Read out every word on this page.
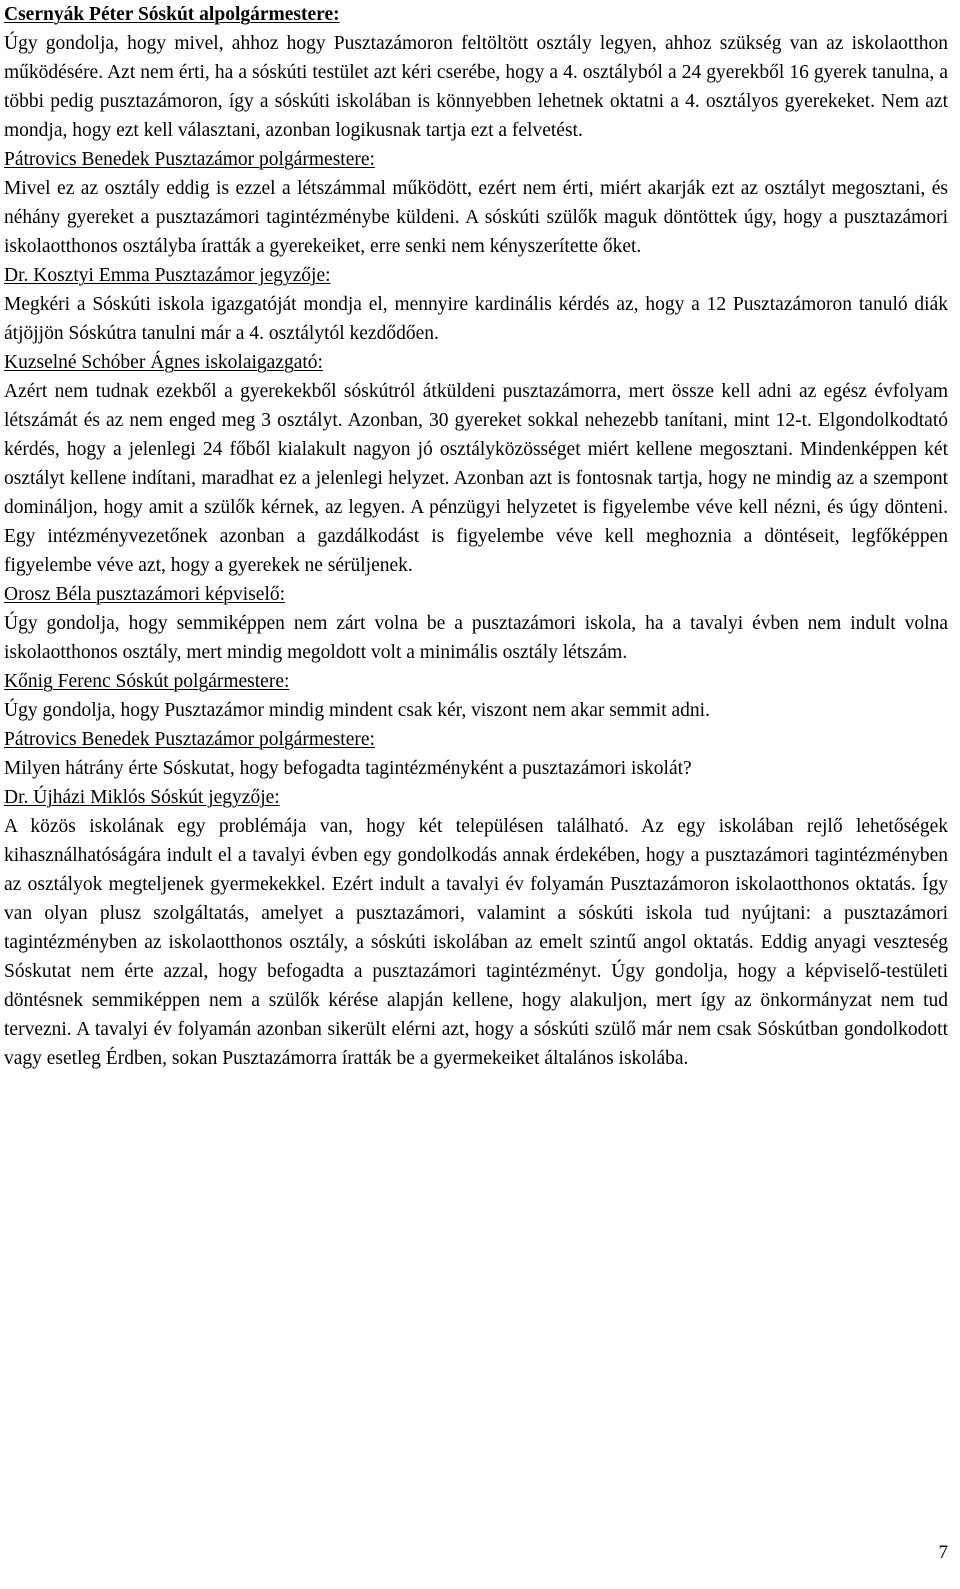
Csernyák Péter Sóskút alpolgármestere:
Úgy gondolja, hogy mivel, ahhoz hogy Pusztazámoron feltöltött osztály legyen, ahhoz szükség van az iskolaotthon működésére. Azt nem érti, ha a sóskúti testület azt kéri cserébe, hogy a 4. osztályból a 24 gyerekből 16 gyerek tanulna, a többi pedig pusztazámoron, így a sóskúti iskolában is könnyebben lehetnek oktatni a 4. osztályos gyerekeket. Nem azt mondja, hogy ezt kell választani, azonban logikusnak tartja ezt a felvetést.
Pátrovics Benedek Pusztazámor polgármestere:
Mivel ez az osztály eddig is ezzel a létszámmal működött, ezért nem érti, miért akarják ezt az osztályt megosztani, és néhány gyereket a pusztazámori tagintézménybe küldeni. A sóskúti szülők maguk döntöttek úgy, hogy a pusztazámori iskolaotthonos osztályba íratták a gyerekeiket, erre senki nem kényszerítette őket.
Dr. Kosztyi Emma Pusztazámor jegyzője:
Megkéri a Sóskúti iskola igazgatóját mondja el, mennyire kardinális kérdés az, hogy a 12 Pusztazámoron tanuló diák átjöjjön Sóskútra tanulni már a 4. osztálytól kezdődően.
Kuzselné Schóber Ágnes iskolaigazgató:
Azért nem tudnak ezekből a gyerekekből sóskútról átküldeni pusztazámorra, mert össze kell adni az egész évfolyam létszámát és az nem enged meg 3 osztályt. Azonban, 30 gyereket sokkal nehezebb tanítani, mint 12-t. Elgondolkodtató kérdés, hogy a jelenlegi 24 főből kialakult nagyon jó osztályközösséget miért kellene megosztani. Mindenképpen két osztályt kellene indítani, maradhat ez a jelenlegi helyzet. Azonban azt is fontosnak tartja, hogy ne mindig az a szempont domináljon, hogy amit a szülők kérnek, az legyen. A pénzügyi helyzetet is figyelembe véve kell nézni, és úgy dönteni. Egy intézményvezetőnek azonban a gazdálkodást is figyelembe véve kell meghoznia a döntéseit, legfőképpen figyelembe véve azt, hogy a gyerekek ne sérüljenek.
Orosz Béla pusztazámori képviselő:
Úgy gondolja, hogy semmiképpen nem zárt volna be a pusztazámori iskola, ha a tavalyi évben nem indult volna iskolaotthonos osztály, mert mindig megoldott volt a minimális osztály létszám.
Kőnig Ferenc Sóskút polgármestere:
Úgy gondolja, hogy Pusztazámor mindig mindent csak kér, viszont nem akar semmit adni.
Pátrovics Benedek Pusztazámor polgármestere:
Milyen hátrány érte Sóskutat, hogy befogadta tagintézményként a pusztazámori iskolát?
Dr. Újházi Miklós Sóskút jegyzője:
A közös iskolának egy problémája van, hogy két településen található. Az egy iskolában rejlő lehetőségek kihasználhatóságára indult el a tavalyi évben egy gondolkodás annak érdekében, hogy a pusztazámori tagintézményben az osztályok megteljenek gyermekekkel. Ezért indult a tavalyi év folyamán Pusztazámoron iskolaotthonos oktatás. Így van olyan plusz szolgáltatás, amelyet a pusztazámori, valamint a sóskúti iskola tud nyújtani: a pusztazámori tagintézményben az iskolaotthonos osztály, a sóskúti iskolában az emelt szintű angol oktatás. Eddig anyagi veszteség Sóskutat nem érte azzal, hogy befogadta a pusztazámori tagintézményt. Úgy gondolja, hogy a képviselő-testületi döntésnek semmiképpen nem a szülők kérése alapján kellene, hogy alakuljon, mert így az önkormányzat nem tud tervezni. A tavalyi év folyamán azonban sikerült elérni azt, hogy a sóskúti szülő már nem csak Sóskútban gondolkodott vagy esetleg Érdben, sokan Pusztazámorra íratták be a gyermekeiket általános iskolába.
7
